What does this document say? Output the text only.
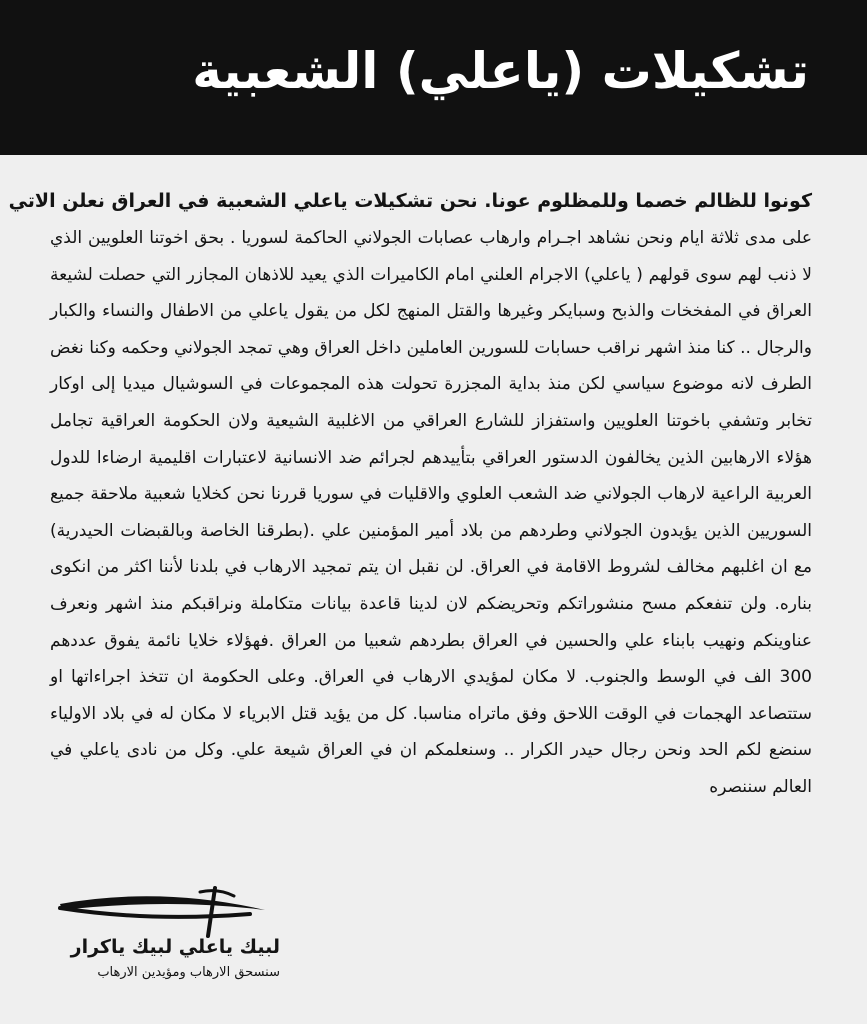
تشكيلات (ياعلي) الشعبية

كونوا للظالم خصما وللمظلوم عونا. نحن تشكيلات ياعلي الشعبية في العراق نعلن الاتي

على مدى ثلاثة ايام ونحن نشاهد اجـرام وارهاب عصابات الجولاني الحاكمة لسوريا . بحق اخوتنا العلويين الذي لا ذنب لهم سوى قولهم ( ياعلي) الاجرام العلني امام الكاميرات الذي يعيد للاذهان المجازر التي حصلت لشيعة العراق في المفخخات والذبح وسبايكر وغيرها والقتل المنهج لكل من يقول ياعلي من الاطفال والنساء والكبار والرجال .. كنا منذ اشهر نراقب حسابات للسورين العاملين داخل العراق وهي تمجد الجولاني وحكمه وكنا نغض الطرف لانه موضوع سياسي لكن منذ بداية المجزرة تحولت هذه المجموعات في السوشيال ميديا إلى اوكار تخابر وتشفي باخوتنا العلويين واستفزاز للشارع العراقي من الاغلبية الشيعية ولان الحكومة العراقية تجامل هؤلاء الارهابين الذين يخالفون الدستور العراقي بتأييدهم لجرائم ضد الانسانية لاعتبارات اقليمية ارضاءا للدول العربية الراعية لارهاب الجولاني ضد الشعب العلوي والاقليات في سوريا قررنا نحن كخلايا شعبية ملاحقة جميع السوريين الذين يؤيدون الجولاني وطردهم من بلاد أمير المؤمنين علي .(بطرقنا الخاصة وبالقبضات الحيدرية) مع ان اغلبهم مخالف لشروط الاقامة في العراق. لن نقبل ان يتم تمجيد الارهاب في بلدنا لأننا اكثر من انكوى بناره. ولن تنفعكم مسح منشوراتكم وتحريضكم لان لدينا قاعدة بيانات متكاملة ونراقبكم منذ اشهر ونعرف عناوينكم ونهيب بابناء علي والحسين في العراق بطردهم شعبيا من العراق .فهؤلاء خلايا نائمة يفوق عددهم 300 الف في الوسط والجنوب. لا مكان لمؤيدي الارهاب في العراق. وعلى الحكومة ان تتخذ اجراءاتها او ستتصاعد الهجمات في الوقت اللاحق وفق ماتراه مناسبا. كل من يؤيد قتل الابرياء لا مكان له في بلاد الاولياء سنضع لكم الحد ونحن رجال حيدر الكرار .. وسنعلمكم ان في العراق شيعة علي. وكل من نادى ياعلي في العالم سننصره

لبيك ياعلي لبيك ياكرار
سنسحق الارهاب ومؤيدين الارهاب
